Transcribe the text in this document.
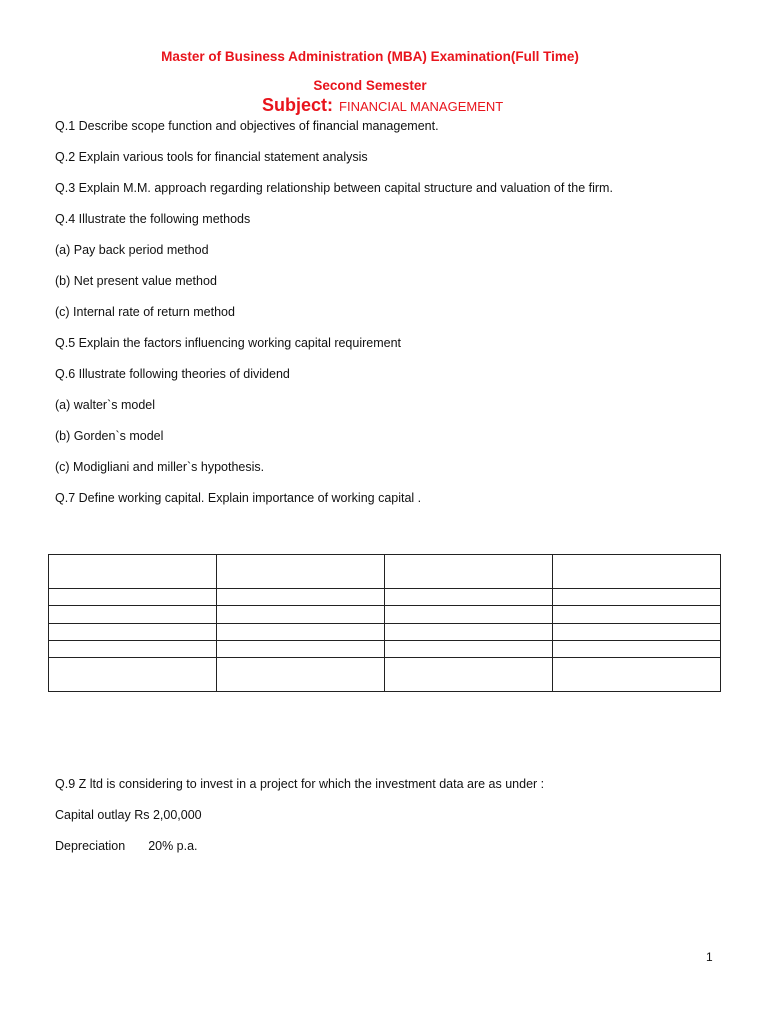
Master of Business Administration (MBA) Examination(Full Time)
Second Semester
Subject: FINANCIAL MANAGEMENT
Q.1 Describe scope function and objectives of financial management.
Q.2 Explain various tools for financial statement analysis
Q.3 Explain M.M. approach regarding relationship between capital structure and valuation of the firm.
Q.4 Illustrate the following methods
(a) Pay back period method
(b) Net present value method
(c) Internal rate of return method
Q.5 Explain the factors influencing working capital requirement
Q.6 Illustrate following theories of dividend
(a) walter`s model
(b) Gorden`s model
(c) Modigliani and miller`s hypothesis.
Q.7 Define working capital. Explain importance of working capital .

Q.9 Z ltd is considering to invest in a project for which the investment data are as under :
Capital outlay Rs 2,00,000
Depreciation 20% p.a.
1
